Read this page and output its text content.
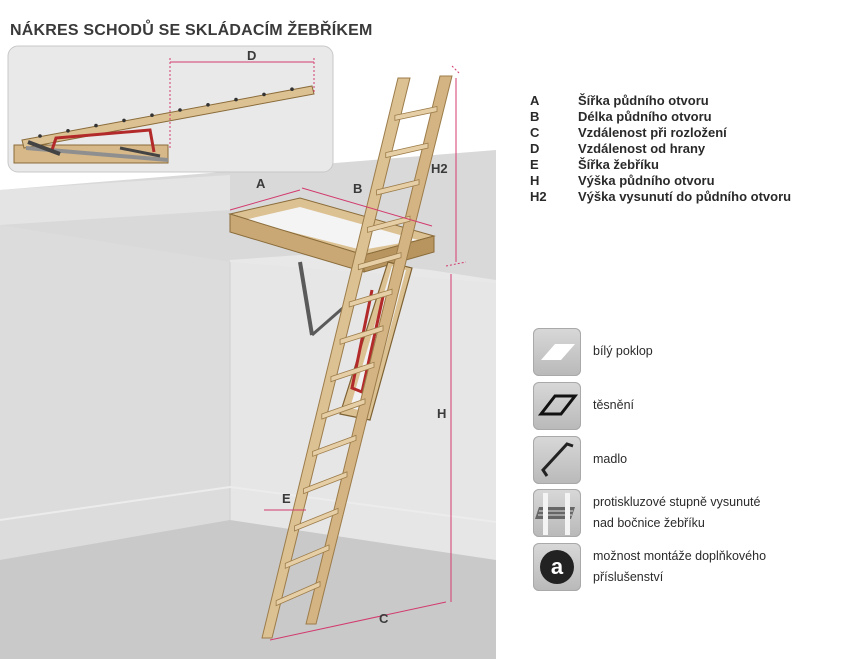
NÁKRES SCHODŮ SE SKLÁDACÍM ŽEBŘÍKEM
D
A	B
H2
H
C
E
A	Šířka půdního otvoru
B	Délka půdního otvoru
C	Vzdálenost při rozložení
D	Vzdálenost od hrany
E	Šířka žebříku
H	Výška půdního otvoru
H2	Výška vysunutí do půdního otvoru
bílý poklop
těsnění
madlo
protiskluzové stupně vysunuté
nad bočnice žebříku
a možnost montáže doplňkového
příslušenství
